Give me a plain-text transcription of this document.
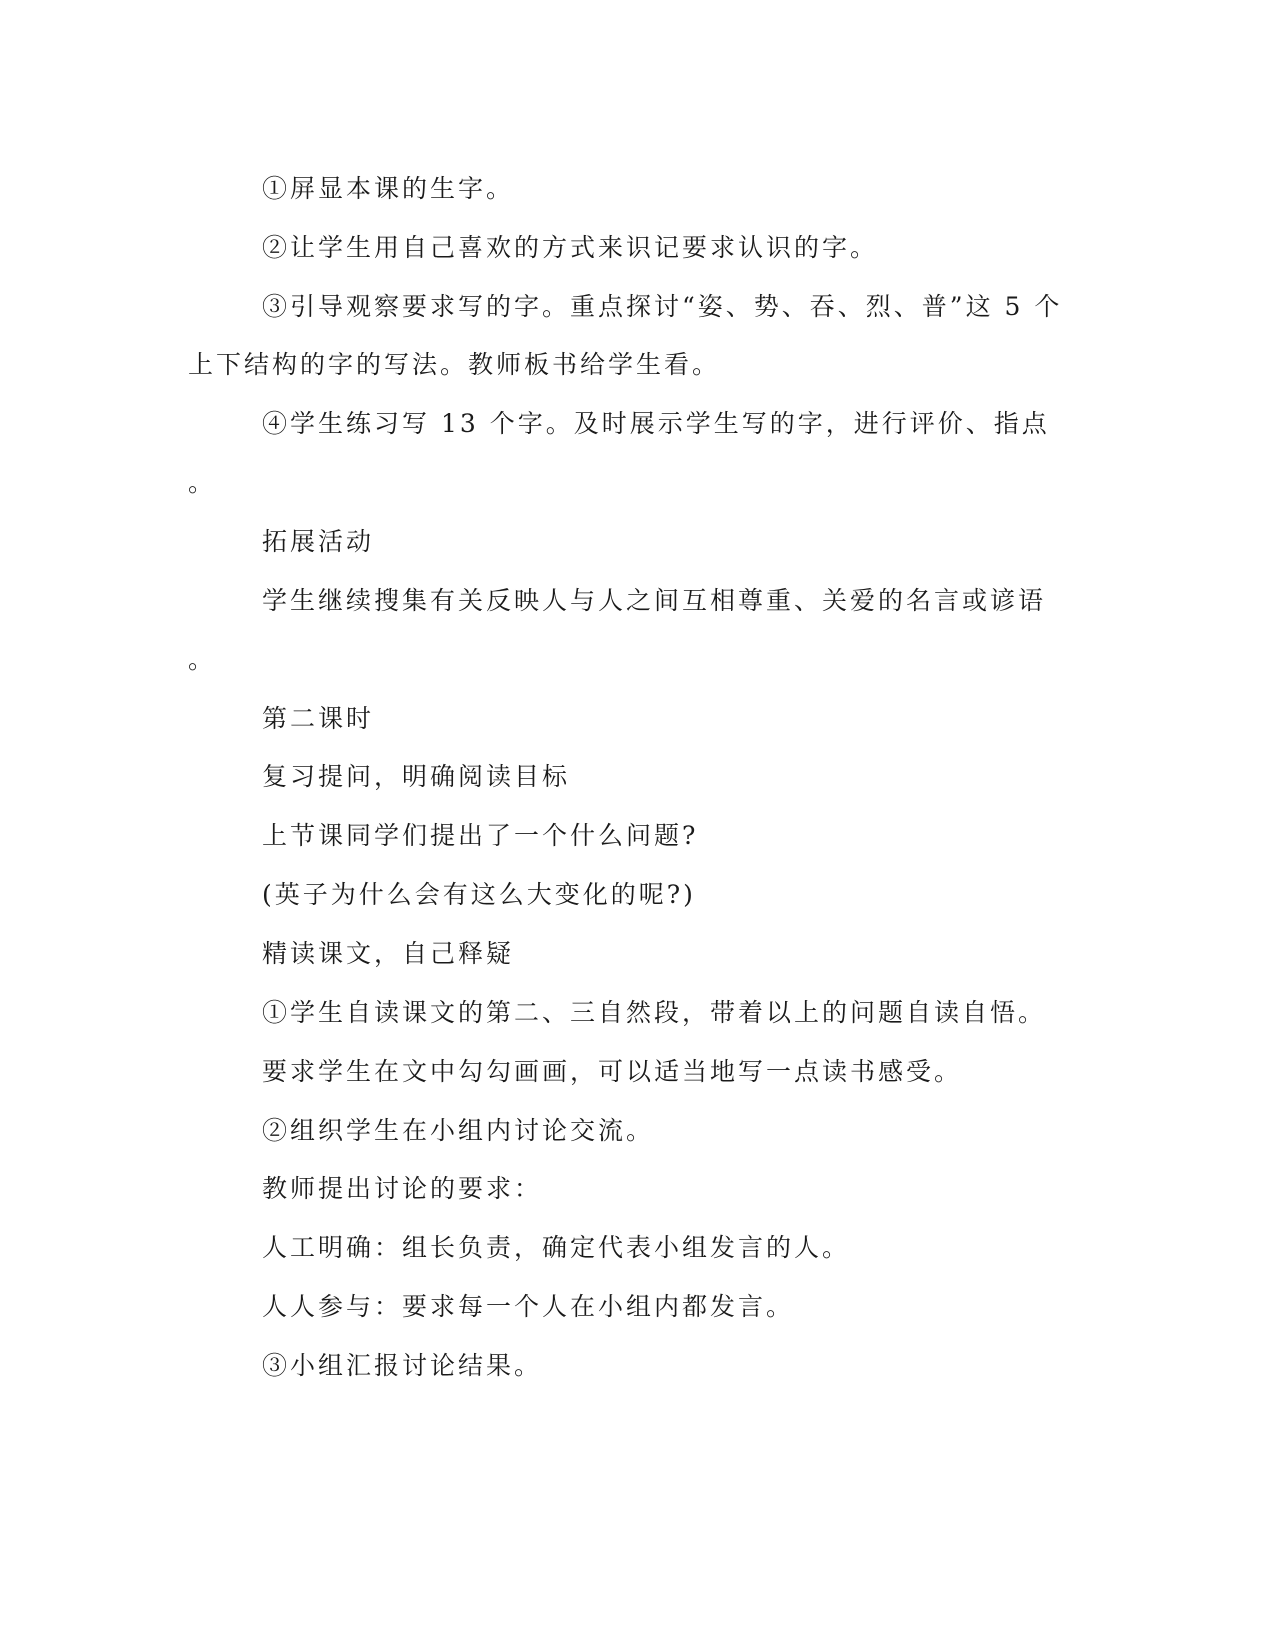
①屏显本课的生字。
②让学生用自己喜欢的方式来识记要求认识的字。
③引导观察要求写的字。重点探讨“姿、势、吞、烈、普”这 5 个
上下结构的字的写法。教师板书给学生看。
④学生练习写 13 个字。及时展示学生写的字，进行评价、指点
。
拓展活动
学生继续搜集有关反映人与人之间互相尊重、关爱的名言或谚语
。
第二课时
复习提问，明确阅读目标
上节课同学们提出了一个什么问题?
(英子为什么会有这么大变化的呢?)
精读课文，自己释疑
①学生自读课文的第二、三自然段，带着以上的问题自读自悟。
要求学生在文中勾勾画画，可以适当地写一点读书感受。
②组织学生在小组内讨论交流。
教师提出讨论的要求：
人工明确：组长负责，确定代表小组发言的人。
人人参与：要求每一个人在小组内都发言。
③小组汇报讨论结果。
